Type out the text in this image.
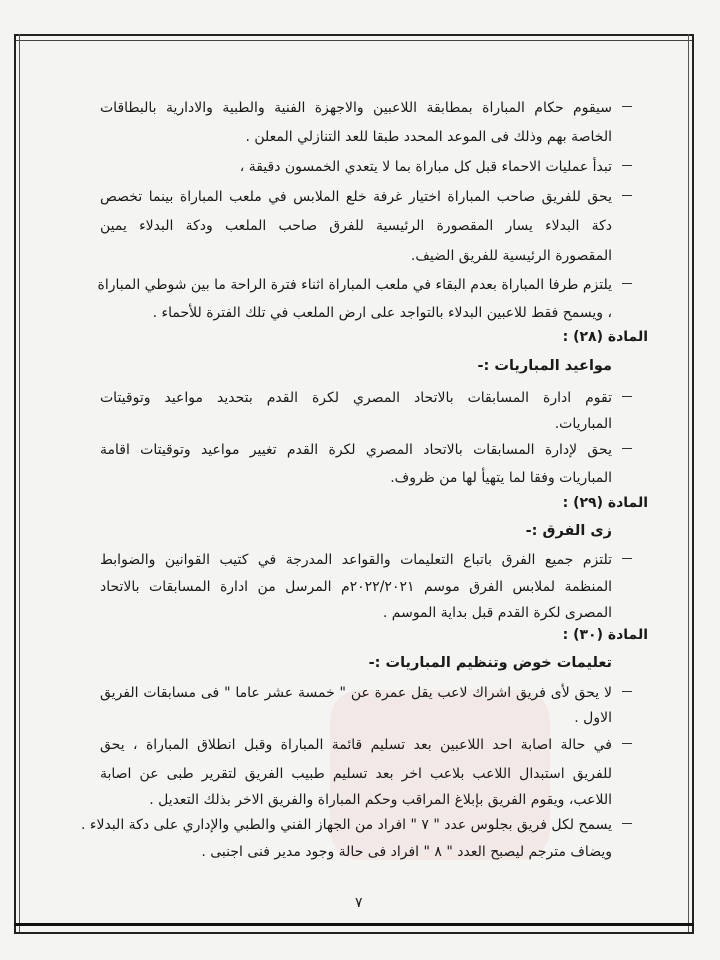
سيقوم حكام المباراة بمطابقة اللاعبين والاجهزة الفنية والطبية والادارية بالبطاقات
الخاصة بهم وذلك فى الموعد المحدد طبقا للعد التنازلي المعلن .
تبدأ عمليات الاحماء قبل كل مباراة بما لا يتعدي الخمسون دقيقة ،
يحق للفريق صاحب المباراة اختيار غرفة خلع الملابس في ملعب المباراة بينما تخصص
دكة البدلاء يسار المقصورة الرئيسية للفرق صاحب الملعب ودكة البدلاء يمين
المقصورة الرئيسية للفريق الضيف.
يلتزم طرفا المباراة بعدم البقاء في ملعب المباراة اثناء فترة الراحة ما بين شوطي المباراة
، ويسمح فقط للاعبين البدلاء بالتواجد على ارض الملعب في تلك الفترة للأحماء .
المادة (٢٨) :
مواعيد المباريات :-
تقوم ادارة المسابقات بالاتحاد المصري لكرة القدم بتحديد مواعيد وتوقيتات
المباريات.
يحق لإدارة المسابقات بالاتحاد المصري لكرة القدم تغيير مواعيد وتوقيتات اقامة
المباريات وفقا لما يتهيأ لها من ظروف.
المادة (٢٩) :
زى الفرق :-
تلتزم جميع الفرق باتباع التعليمات والقواعد المدرجة في كتيب القوانين والضوابط
المنظمة لملابس الفرق موسم ٢٠٢٢/٢٠٢١م المرسل من ادارة المسابقات بالاتحاد
المصرى لكرة القدم قبل بداية الموسم .
المادة (٣٠) :
تعليمات خوض وتنظيم المباريات :-
لا يحق لأى فريق اشراك لاعب يقل عمرة عن " خمسة عشر عاما " فى مسابقات الفريق
الاول .
في حالة اصابة احد اللاعبين بعد تسليم قائمة المباراة وقبل انطلاق المباراة ، يحق
للفريق استبدال اللاعب بلاعب اخر بعد تسليم طبيب الفريق لتقرير طبى عن اصابة
اللاعب، ويقوم الفريق بإبلاغ المراقب وحكم المباراة والفريق الاخر بذلك التعديل .
يسمح لكل فريق بجلوس عدد " ٧ " افراد من الجهاز الفني والطبي والإداري على دكة البدلاء .
ويضاف مترجم ليصبح العدد " ٨ " افراد فى حالة وجود مدير فنى اجنبى .
٧
